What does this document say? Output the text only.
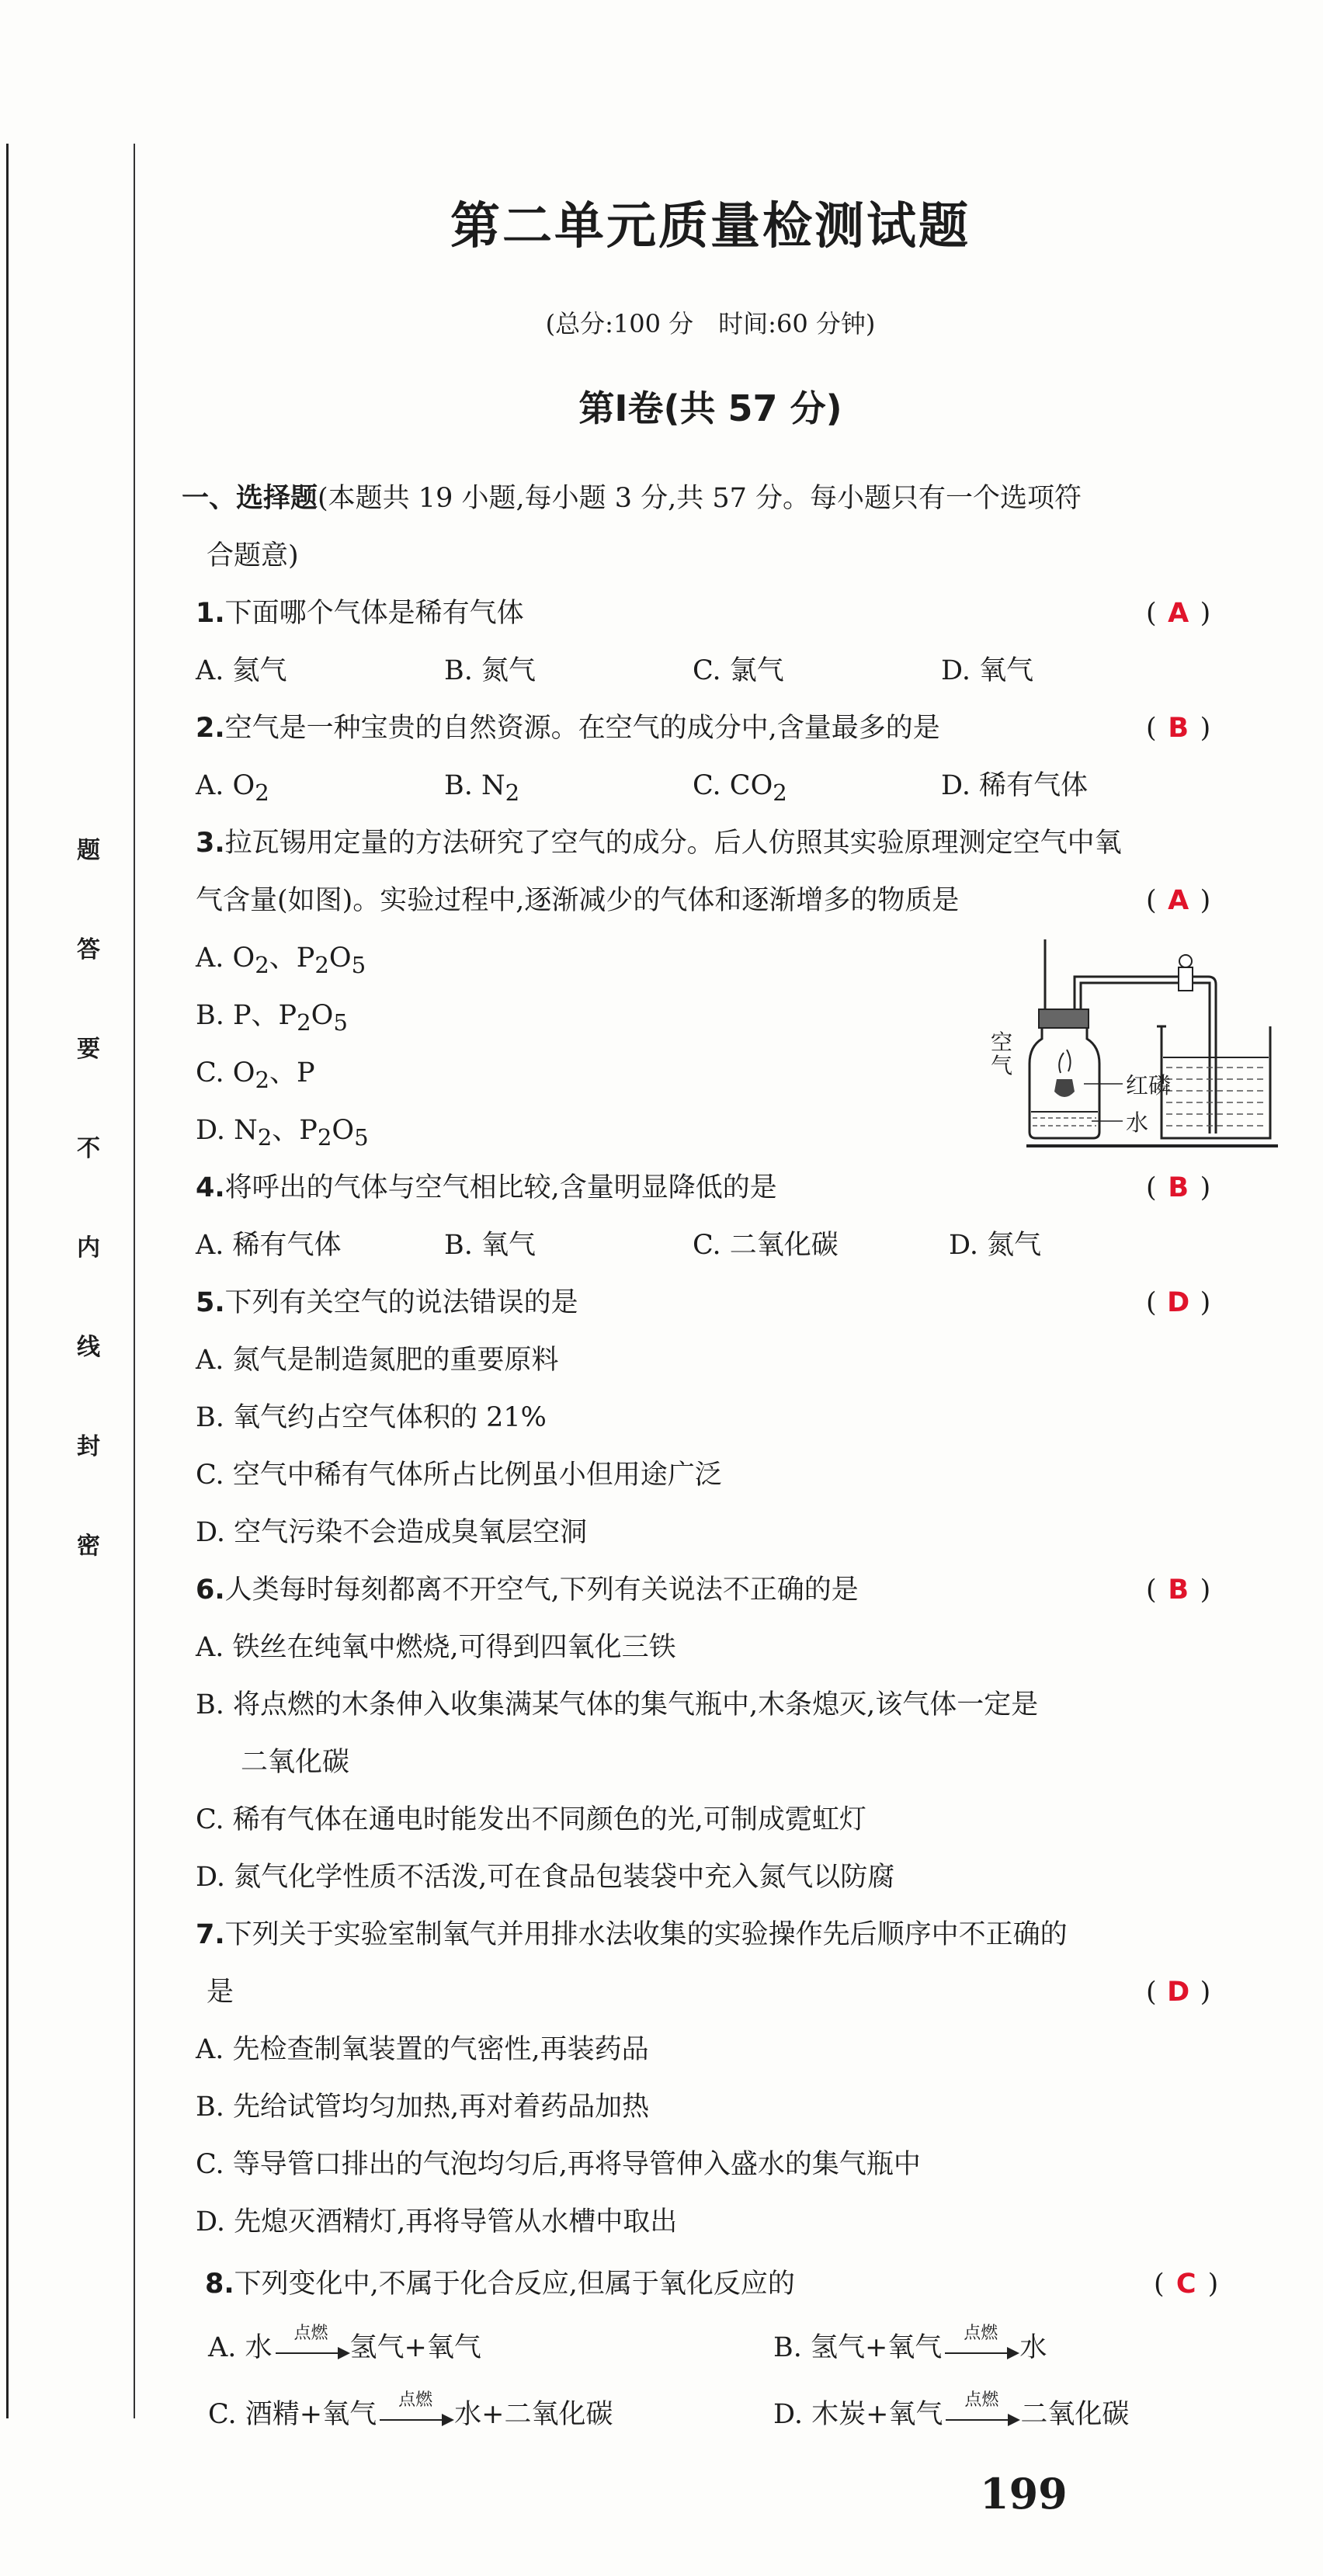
题
答
要
不
内
线
封
密
第二单元质量检测试题
(总分:100 分　时间:60 分钟)
第Ⅰ卷(共 57 分)
一、选择题(本题共 19 小题,每小题 3 分,共 57 分。每小题只有一个选项符
合题意)
1.下面哪个气体是稀有气体	( A )
A. 氦气	B. 氮气	C. 氯气	D. 氧气
2.空气是一种宝贵的自然资源。在空气的成分中,含量最多的是	( B )
A. $O_2$	B. $N_2$	C. $CO_2$	D. 稀有气体
3.拉瓦锡用定量的方法研究了空气的成分。后人仿照其实验原理测定空气中氧
气含量(如图)。实验过程中,逐渐减少的气体和逐渐增多的物质是	( A )
A. $O_2$、$P_2O_5$
B. P、$P_2O_5$
C. $O_2$、P
D. $N_2$、$P_2O_5$
空气
红磷
水
4.将呼出的气体与空气相比较,含量明显降低的是	( B )
A. 稀有气体	B. 氧气	C. 二氧化碳	D. 氮气
5.下列有关空气的说法错误的是	( D )
A. 氮气是制造氮肥的重要原料
B. 氧气约占空气体积的 21%
C. 空气中稀有气体所占比例虽小但用途广泛
D. 空气污染不会造成臭氧层空洞
6.人类每时每刻都离不开空气,下列有关说法不正确的是	( B )
A. 铁丝在纯氧中燃烧,可得到四氧化三铁
B. 将点燃的木条伸入收集满某气体的集气瓶中,木条熄灭,该气体一定是
二氧化碳
C. 稀有气体在通电时能发出不同颜色的光,可制成霓虹灯
D. 氮气化学性质不活泼,可在食品包装袋中充入氮气以防腐
7.下列关于实验室制氧气并用排水法收集的实验操作先后顺序中不正确的
是	( D )
A. 先检查制氧装置的气密性,再装药品
B. 先给试管均匀加热,再对着药品加热
C. 等导管口排出的气泡均匀后,再将导管伸入盛水的集气瓶中
D. 先熄灭酒精灯,再将导管从水槽中取出
8.下列变化中,不属于化合反应,但属于氧化反应的	( C )
A. 水	点燃 氢气+氧气	B. 氢气+氧气	点燃 水
C. 酒精+氧气	点燃 水+二氧化碳	D. 木炭+氧气	点燃 二氧化碳
199
